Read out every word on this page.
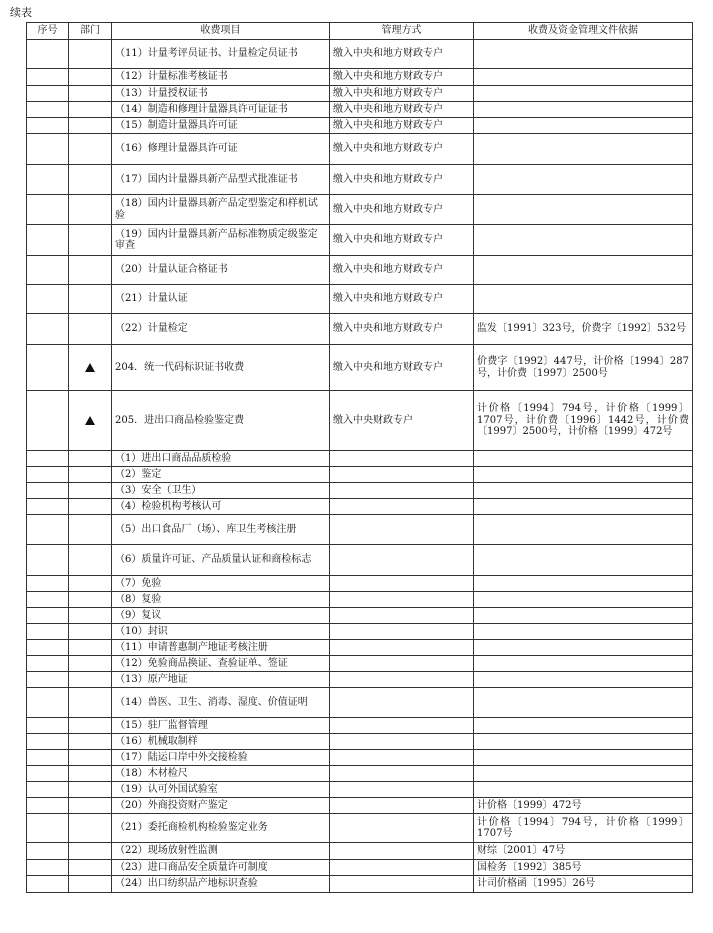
续表
序号	部门	收费项目	管理方式	收费及资金管理文件依据
		（11）计量考评员证书、计量检定员证书	缴入中央和地方财政专户	
		（12）计量标准考核证书	缴入中央和地方财政专户	
		（13）计量授权证书	缴入中央和地方财政专户	
		（14）制造和修理计量器具许可证证书	缴入中央和地方财政专户	
		（15）制造计量器具许可证	缴入中央和地方财政专户	
		（16）修理计量器具许可证	缴入中央和地方财政专户	
		（17）国内计量器具新产品型式批准证书	缴入中央和地方财政专户	
		（18）国内计量器具新产品定型鉴定和样机试验	缴入中央和地方财政专户	
		（19）国内计量器具新产品标准物质定级鉴定审查	缴入中央和地方财政专户	
		（20）计量认证合格证书	缴入中央和地方财政专户	
		（21）计量认证	缴入中央和地方财政专户	
		（22）计量检定	缴入中央和地方财政专户	监发〔1991〕323号，价费字〔1992〕532号
		204．统一代码标识证书收费	缴入中央和地方财政专户	价费字〔1992〕447号，计价格〔1994〕287号，计价费〔1997〕2500号
		205．进出口商品检验鉴定费	缴入中央财政专户	计价格〔1994〕794号，计价格〔1999〕1707号，计价费〔1996〕1442号，计价费〔1997〕2500号，计价格〔1999〕472号
		（1）进出口商品品质检验		
		（2）鉴定		
		（3）安全（卫生）		
		（4）检验机构考核认可		
		（5）出口食品厂（场）、库卫生考核注册		
		（6）质量许可证、产品质量认证和商检标志		
		（7）免验		
		（8）复验		
		（9）复议		
		（10）封识		
		（11）申请普惠制产地证考核注册		
		（12）免验商品换证、查验证单、签证		
		（13）原产地证		
		（14）兽医、卫生、消毒、湿度、价值证明		
		（15）驻厂监督管理		
		（16）机械取制样		
		（17）陆运口岸中外交接检验		
		（18）木材检尺		
		（19）认可外国试验室		
		（20）外商投资财产鉴定		计价格〔1999〕472号
		（21）委托商检机构检验鉴定业务		计价格〔1994〕794号，计价格〔1999〕1707号
		（22）现场放射性监测		财综〔2001〕47号
		（23）进口商品安全质量许可制度		国检务〔1992〕385号
		（24）出口纺织品产地标识查验		计司价格函〔1995〕26号
